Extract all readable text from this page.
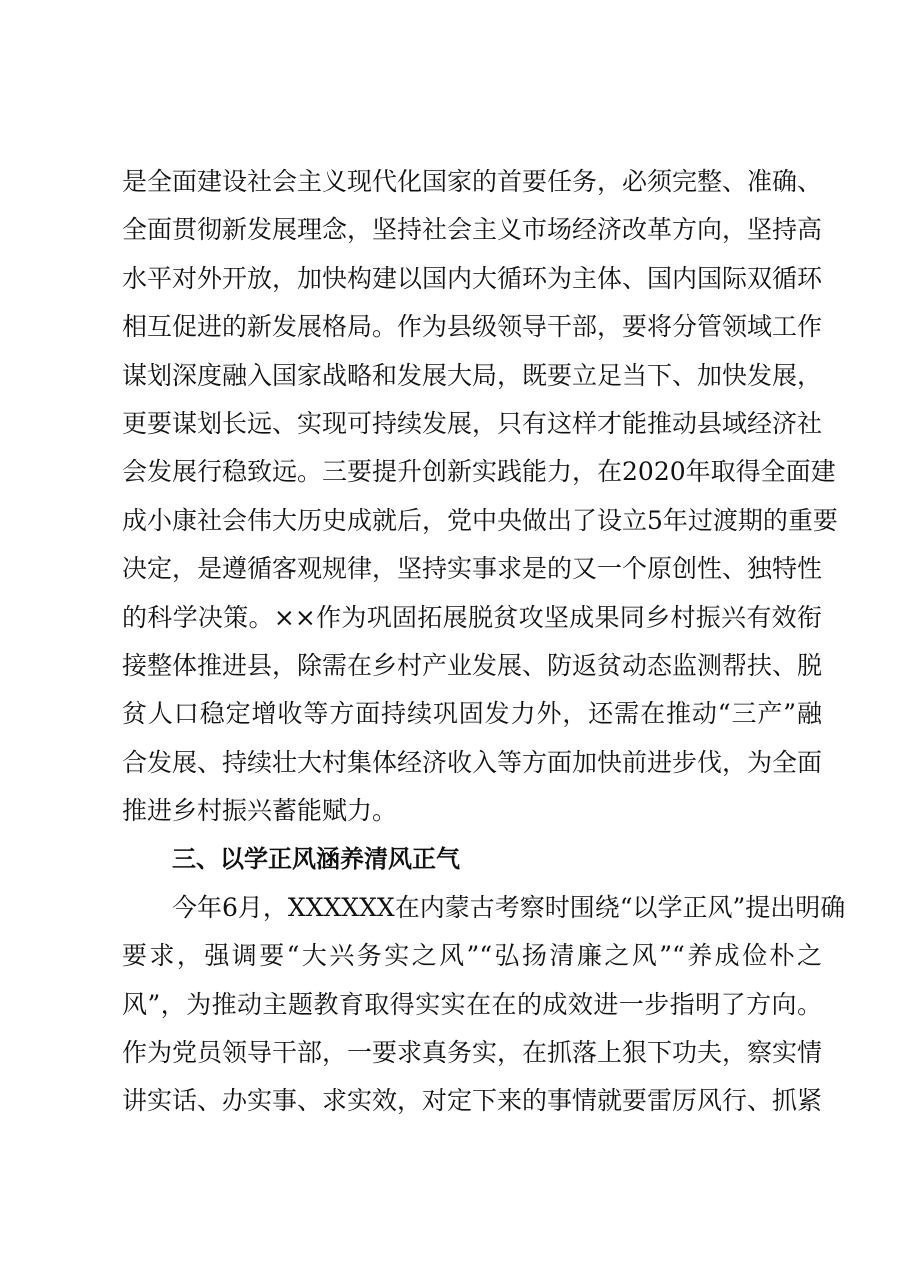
是全面建设社会主义现代化国家的首要任务，必须完整、准确、
全面贯彻新发展理念，坚持社会主义市场经济改革方向，坚持高
水平对外开放，加快构建以国内大循环为主体、国内国际双循环
相互促进的新发展格局。作为县级领导干部，要将分管领域工作
谋划深度融入国家战略和发展大局，既要立足当下、加快发展，
更要谋划长远、实现可持续发展，只有这样才能推动县域经济社
会发展行稳致远。三要提升创新实践能力，在2020年取得全面建
成小康社会伟大历史成就后，党中央做出了设立5年过渡期的重要
决定，是遵循客观规律，坚持实事求是的又一个原创性、独特性
的科学决策。××作为巩固拓展脱贫攻坚成果同乡村振兴有效衔
接整体推进县，除需在乡村产业发展、防返贫动态监测帮扶、脱
贫人口稳定增收等方面持续巩固发力外，还需在推动“三产”融
合发展、持续壮大村集体经济收入等方面加快前进步伐，为全面
推进乡村振兴蓄能赋力。
三、以学正风涵养清风正气
今年6月，XXXXXX在内蒙古考察时围绕“以学正风”提出明确
要求，强调要“大兴务实之风”“弘扬清廉之风”“养成俭朴之
风”，为推动主题教育取得实实在在的成效进一步指明了方向。
作为党员领导干部，一要求真务实，在抓落上狠下功夫，察实情
讲实话、办实事、求实效，对定下来的事情就要雷厉风行、抓紧
